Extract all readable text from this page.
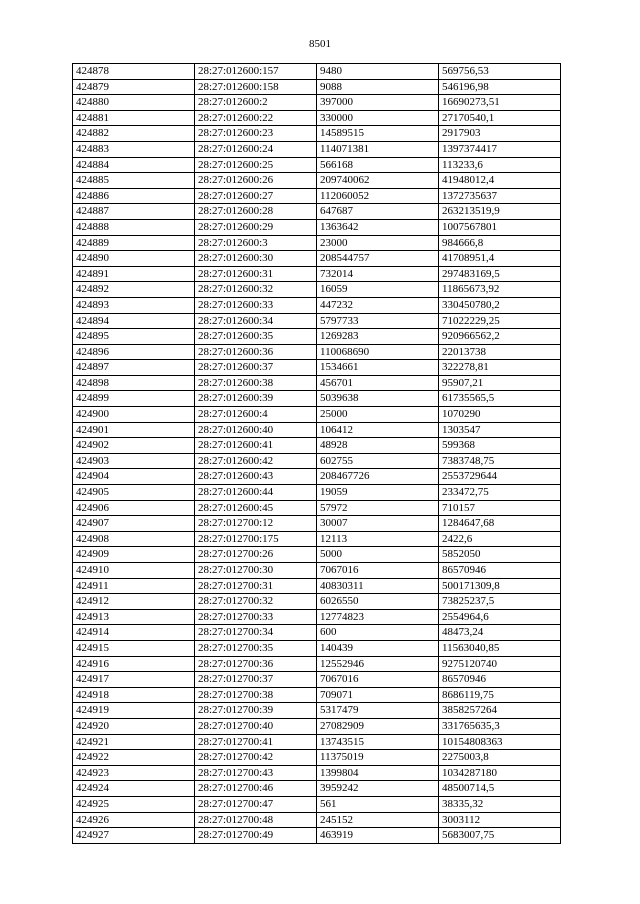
8501
424878	28:27:012600:157	9480	569756,53
424879	28:27:012600:158	9088	546196,98
424880	28:27:012600:2	397000	16690273,51
424881	28:27:012600:22	330000	27170540,1
424882	28:27:012600:23	14589515	2917903
424883	28:27:012600:24	114071381	1397374417
424884	28:27:012600:25	566168	113233,6
424885	28:27:012600:26	209740062	41948012,4
424886	28:27:012600:27	112060052	1372735637
424887	28:27:012600:28	647687	263213519,9
424888	28:27:012600:29	1363642	1007567801
424889	28:27:012600:3	23000	984666,8
424890	28:27:012600:30	208544757	41708951,4
424891	28:27:012600:31	732014	297483169,5
424892	28:27:012600:32	16059	11865673,92
424893	28:27:012600:33	447232	330450780,2
424894	28:27:012600:34	5797733	71022229,25
424895	28:27:012600:35	1269283	920966562,2
424896	28:27:012600:36	110068690	22013738
424897	28:27:012600:37	1534661	322278,81
424898	28:27:012600:38	456701	95907,21
424899	28:27:012600:39	5039638	61735565,5
424900	28:27:012600:4	25000	1070290
424901	28:27:012600:40	106412	1303547
424902	28:27:012600:41	48928	599368
424903	28:27:012600:42	602755	7383748,75
424904	28:27:012600:43	208467726	2553729644
424905	28:27:012600:44	19059	233472,75
424906	28:27:012600:45	57972	710157
424907	28:27:012700:12	30007	1284647,68
424908	28:27:012700:175	12113	2422,6
424909	28:27:012700:26	5000	5852050
424910	28:27:012700:30	7067016	86570946
424911	28:27:012700:31	40830311	500171309,8
424912	28:27:012700:32	6026550	73825237,5
424913	28:27:012700:33	12774823	2554964,6
424914	28:27:012700:34	600	48473,24
424915	28:27:012700:35	140439	11563040,85
424916	28:27:012700:36	12552946	9275120740
424917	28:27:012700:37	7067016	86570946
424918	28:27:012700:38	709071	8686119,75
424919	28:27:012700:39	5317479	3858257264
424920	28:27:012700:40	27082909	331765635,3
424921	28:27:012700:41	13743515	10154808363
424922	28:27:012700:42	11375019	2275003,8
424923	28:27:012700:43	1399804	1034287180
424924	28:27:012700:46	3959242	48500714,5
424925	28:27:012700:47	561	38335,32
424926	28:27:012700:48	245152	3003112
424927	28:27:012700:49	463919	5683007,75
